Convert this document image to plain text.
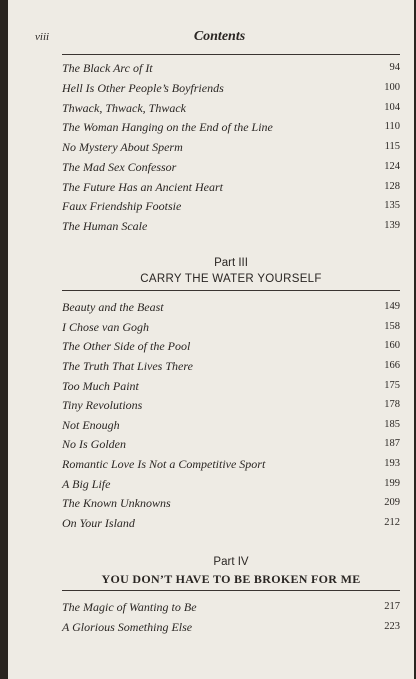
viii	Contents
The Black Arc of It	94
Hell Is Other People’s Boyfriends	100
Thwack, Thwack, Thwack	104
The Woman Hanging on the End of the Line	110
No Mystery About Sperm	115
The Mad Sex Confessor	124
The Future Has an Ancient Heart	128
Faux Friendship Footsie	135
The Human Scale	139
Part III
CARRY THE WATER YOURSELF
Beauty and the Beast	149
I Chose van Gogh	158
The Other Side of the Pool	160
The Truth That Lives There	166
Too Much Paint	175
Tiny Revolutions	178
Not Enough	185
No Is Golden	187
Romantic Love Is Not a Competitive Sport	193
A Big Life	199
The Known Unknowns	209
On Your Island	212
Part IV
YOU DON’T HAVE TO BE BROKEN FOR ME
The Magic of Wanting to Be	217
A Glorious Something Else	223
